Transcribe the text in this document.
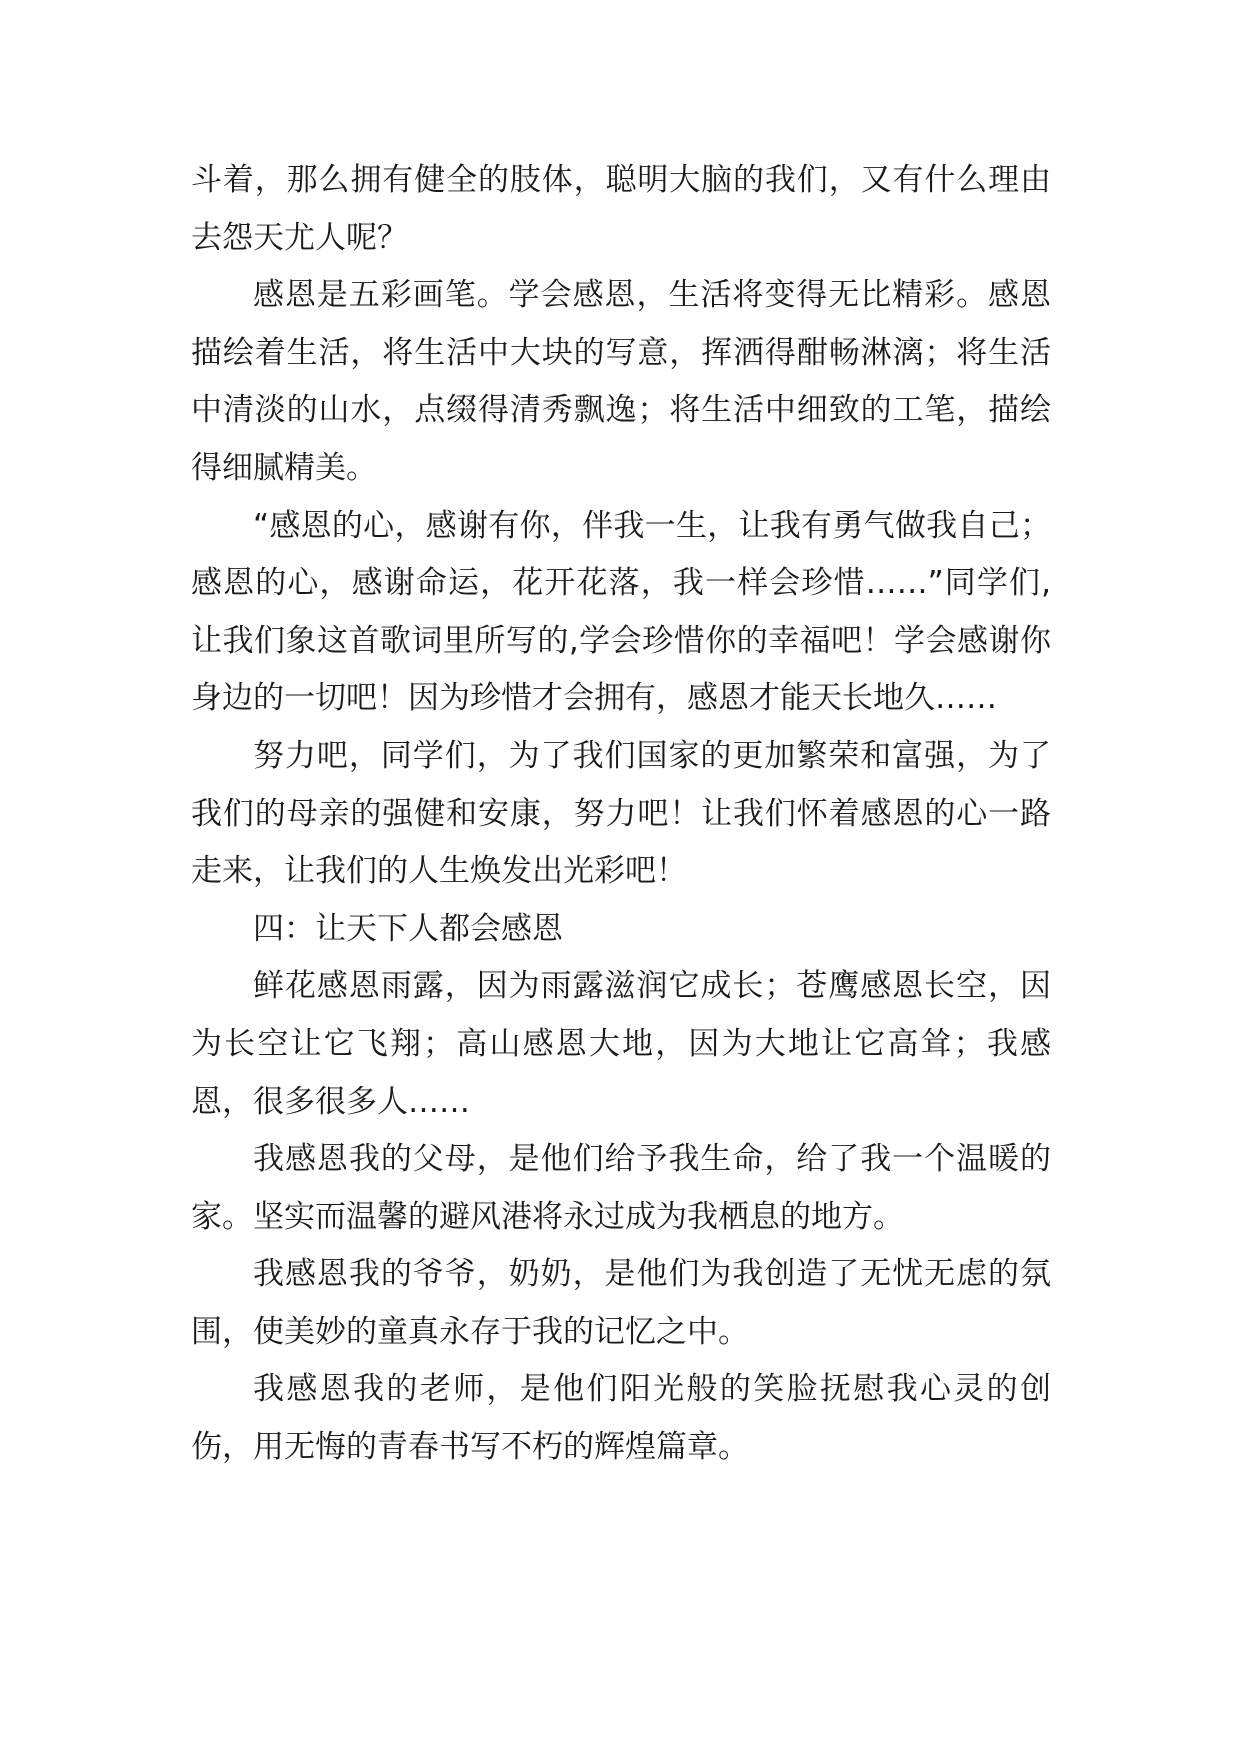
斗着，那么拥有健全的肢体，聪明大脑的我们，又有什么理由去怨天尤人呢？

感恩是五彩画笔。学会感恩，生活将变得无比精彩。感恩描绘着生活，将生活中大块的写意，挥洒得酣畅淋漓；将生活中清淡的山水，点缀得清秀飘逸；将生活中细致的工笔，描绘得细腻精美。

“感恩的心，感谢有你，伴我一生，让我有勇气做我自己；感恩的心，感谢命运，花开花落，我一样会珍惜……”同学们,让我们象这首歌词里所写的,学会珍惜你的幸福吧！学会感谢你身边的一切吧！因为珍惜才会拥有，感恩才能天长地久……

努力吧，同学们，为了我们国家的更加繁荣和富强，为了我们的母亲的强健和安康，努力吧！让我们怀着感恩的心一路走来，让我们的人生焕发出光彩吧！

四：让天下人都会感恩

鲜花感恩雨露，因为雨露滋润它成长；苍鹰感恩长空，因为长空让它飞翔；高山感恩大地，因为大地让它高耸；我感恩，很多很多人……

我感恩我的父母，是他们给予我生命，给了我一个温暖的家。坚实而温馨的避风港将永过成为我栖息的地方。

我感恩我的爷爷，奶奶，是他们为我创造了无忧无虑的氛围，使美妙的童真永存于我的记忆之中。

我感恩我的老师，是他们阳光般的笑脸抚慰我心灵的创伤，用无悔的青春书写不朽的辉煌篇章。
